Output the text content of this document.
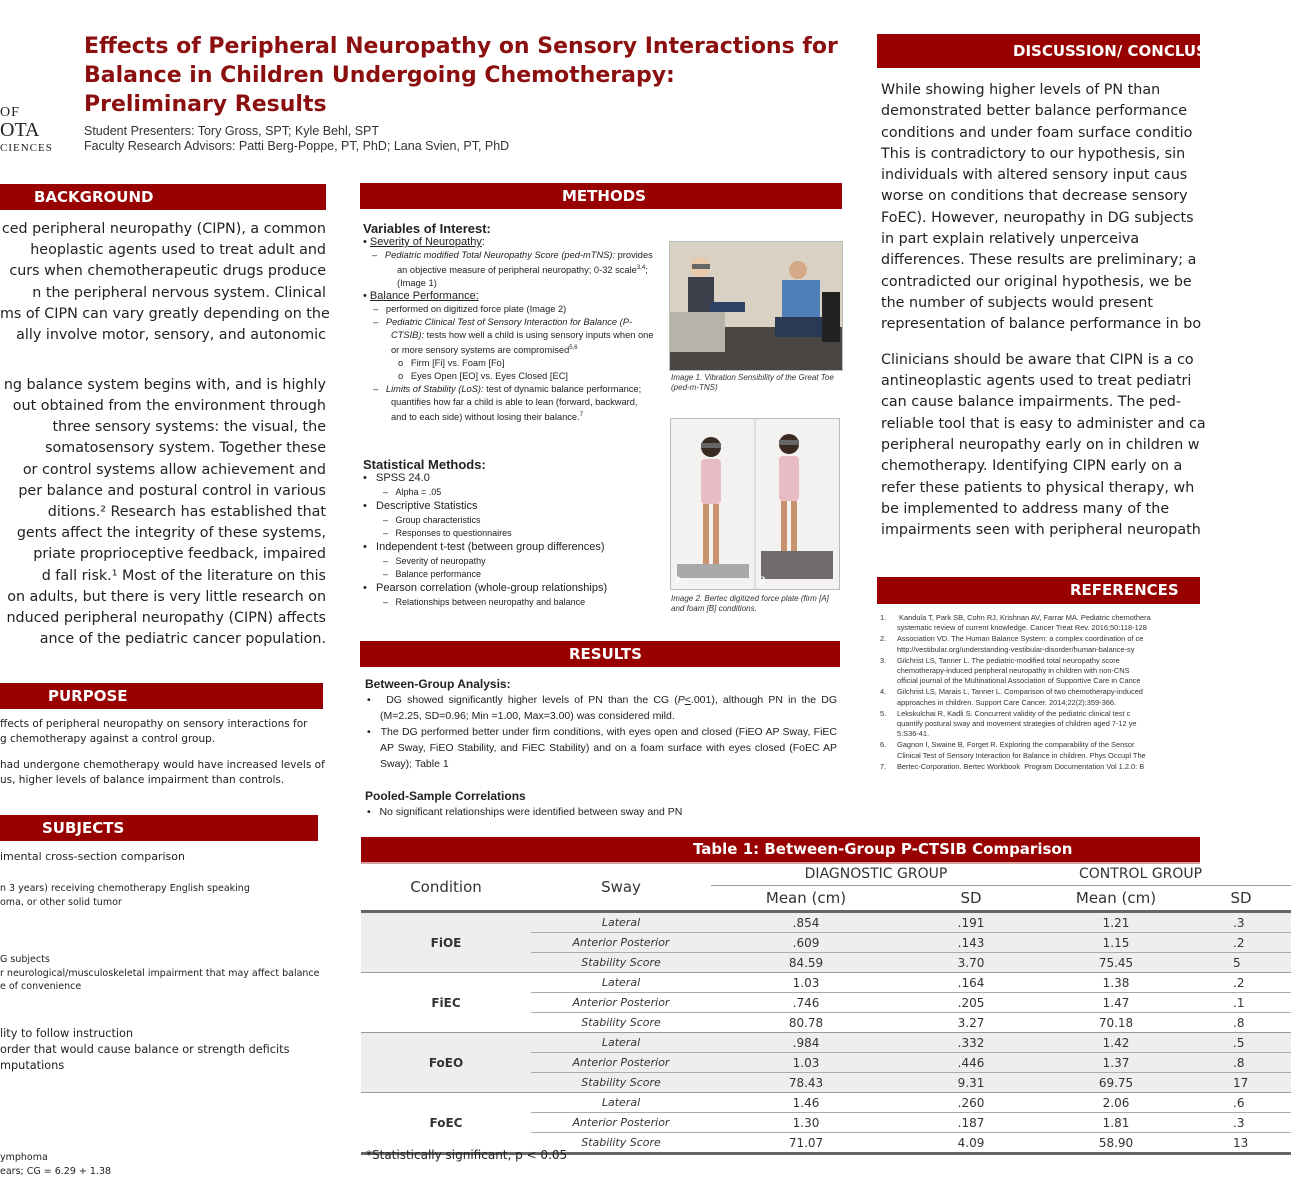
OF
OTA
CIENCES
Effects of Peripheral Neuropathy on Sensory Interactions for
Balance in Children Undergoing Chemotherapy:
Preliminary Results
Student Presenters: Tory Gross, SPT; Kyle Behl, SPT
Faculty Research Advisors: Patti Berg-Poppe, PT, PhD; Lana Svien, PT, PhD
BACKGROUND
ced peripheral neuropathy (CIPN), a common
heoplastic agents used to treat adult and
curs when chemotherapeutic drugs produce
n the peripheral nervous system. Clinical
ms of CIPN can vary greatly depending on the
ally involve motor, sensory, and autonomic
ng balance system begins with, and is highly
out obtained from the environment through
three sensory systems: the visual, the
somatosensory system. Together these
or control systems allow achievement and
per balance and postural control in various
ditions.² Research has established that
gents affect the integrity of these systems,
priate proprioceptive feedback, impaired
d fall risk.¹ Most of the literature on this
on adults, but there is very little research on
nduced peripheral neuropathy (CIPN) affects
ance of the pediatric cancer population.
PURPOSE
ffects of peripheral neuropathy on sensory interactions for
g chemotherapy against a control group.
had undergone chemotherapy would have increased levels of
us, higher levels of balance impairment than controls.
SUBJECTS
imental cross-section comparison
n 3 years) receiving chemotherapy English speaking
oma, or other solid tumor
G subjects
r neurological/musculoskeletal impairment that may affect balance
e of convenience
lity to follow instruction
order that would cause balance or strength deficits
mputations
ymphoma
ears; CG = 6.29 + 1.38
METHODS
Variables of Interest:
• Severity of Neuropathy:
–   Pediatric modified Total Neuropathy Score (ped-mTNS): provides an objective measure of peripheral neuropathy; 0-32 scale$^{3,4}$; (Image 1)
• Balance Performance:
–   performed on digitized force plate (Image 2)
–   Pediatric Clinical Test of Sensory Interaction for Balance (P-CTSIB): tests how well a child is using sensory inputs when one or more sensory systems are compromised$^{5,6}$
o   Firm [Fi] vs. Foam [Fo]
o   Eyes Open [EO] vs. Eyes Closed [EC]
–   Limits of Stability (LoS): test of dynamic balance performance; quantifies how far a child is able to lean (forward, backward, and to each side) without losing their balance.$^7$
Statistical Methods:
•   SPSS 24.0
–   Alpha = .05
•   Descriptive Statistics
–   Group characteristics
–   Responses to questionnaires
•   Independent t-test (between group differences)
–   Severity of neuropathy
–   Balance performance
•   Pearson correlation (whole-group relationships)
–   Relationships between neuropathy and balance
Image 1. Vibration Sensibility of the Great Toe (ped-m-TNS)
A	B
Image 2. Bertec digitized force plate (firm [A] and foam [B] conditions.
RESULTS
Between-Group Analysis:
•   DG showed significantly higher levels of PN than the CG (P≤.001), although PN in the DG (M=2.25, SD=0.96; Min =1.00, Max=3.00) was considered mild.
•   The DG performed better under firm conditions, with eyes open and closed (FiEO AP Sway, FiEC AP Sway, FiEO Stability, and FiEC Stability) and on a foam surface with eyes closed (FoEC AP Sway); Table 1
Pooled-Sample Correlations
•   No significant relationships were identified between sway and PN
Table 1: Between-Group P-CTSIB Comparison
Condition	Sway	DIAGNOSTIC GROUP		CONTROL GROUP	
		Mean (cm)	SD	Mean (cm)	SD
FiOE	Lateral	.854	.191	1.21	.3
	Anterior Posterior	.609	.143	1.15	.2
	Stability Score	84.59	3.70	75.45	5
FiEC	Lateral	1.03	.164	1.38	.2
	Anterior Posterior	.746	.205	1.47	.1
	Stability Score	80.78	3.27	70.18	.8
FoEO	Lateral	.984	.332	1.42	.5
	Anterior Posterior	1.03	.446	1.37	.8
	Stability Score	78.43	9.31	69.75	17
FoEC	Lateral	1.46	.260	2.06	.6
	Anterior Posterior	1.30	.187	1.81	.3
	Stability Score	71.07	4.09	58.90	13
*Statistically significant, p < 0.05
DISCUSSION/ CONCLUSIONS
While showing higher levels of PN than
demonstrated better balance performance
conditions and under foam surface conditio
This is contradictory to our hypothesis, sin
individuals with altered sensory input caus
worse on conditions that decrease sensory
FoEC). However, neuropathy in DG subjects
in part explain relatively unperceiva
differences. These results are preliminary; a
contradicted our original hypothesis, we be
the number of subjects would present
representation of balance performance in bo
Clinicians should be aware that CIPN is a co
antineoplastic agents used to treat pediatri
can cause balance impairments. The ped-
reliable tool that is easy to administer and ca
peripheral neuropathy early on in children w
chemotherapy. Identifying CIPN early on a
refer these patients to physical therapy, wh
be implemented to address many of the
impairments seen with peripheral neuropath
REFERENCES
1. Kandula T, Park SB, Cohn RJ, Krishnan AV, Farrar MA. Pediatric chemothera
systematic review of current knowledge. Cancer Treat Rev. 2016;50:118-128
2. Association VD. The Human Balance System: a complex coordination of ce
http://vestibular.org/understanding-vestibular-disorder/human-balance-sy
3. Gilchrist LS, Tanner L. The pediatric-modified total neuropathy score
chemotherapy-induced peripheral neuropathy in children with non-CNS
official journal of the Multinational Association of Supportive Care in Cance
4. Gilchrist LS, Marais L, Tanner L. Comparison of two chemotherapy-induced
approaches in children. Support Care Cancer. 2014;22(2):359-366.
5. Lekskulchai R, Kadli S. Concurrent validity of the pediatric clinical test c
quantify postural sway and movement strategies of children aged 7-12 ye
5:S36-41.
6. Gagnon I, Swaine B, Forget R. Exploring the comparability of the Sensor
Clinical Test of Sensory Interaction for Balance in children. Phys Occupl The
7. Bertec-Corporation. Bertec Workbook  Program Documentation Vol 1.2.0: B
